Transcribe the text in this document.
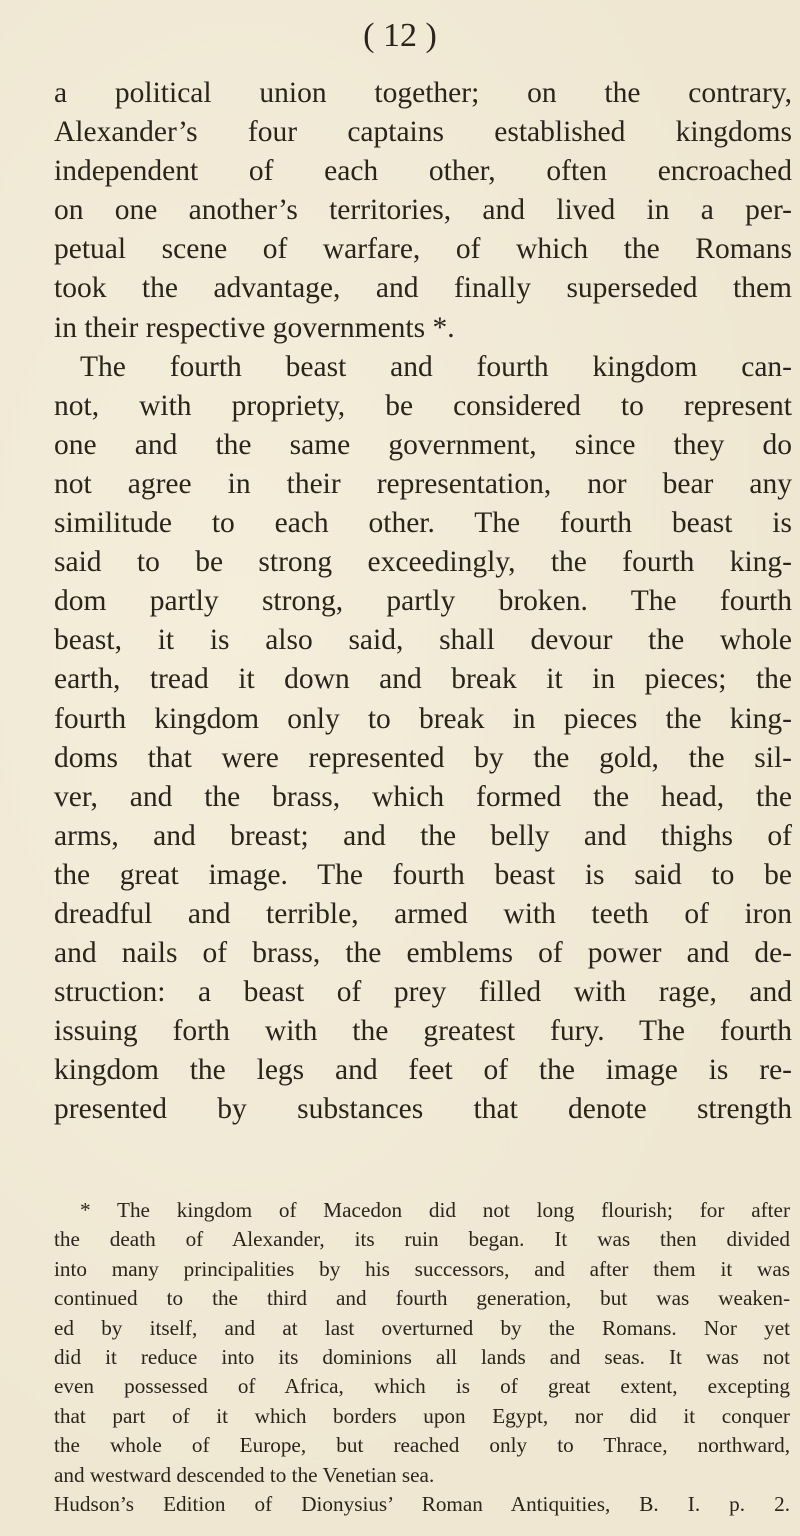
( 12 )
a political union together; on the contrary,
Alexander’s four captains established kingdoms
independent of each other, often encroached
on one another’s territories, and lived in a per-
petual scene of warfare, of which the Romans
took the advantage, and finally superseded them
in their respective governments *.
The fourth beast and fourth kingdom can-
not, with propriety, be considered to represent
one and the same government, since they do
not agree in their representation, nor bear any
similitude to each other. The fourth beast is
said to be strong exceedingly, the fourth king-
dom partly strong, partly broken. The fourth
beast, it is also said, shall devour the whole
earth, tread it down and break it in pieces; the
fourth kingdom only to break in pieces the king-
doms that were represented by the gold, the sil-
ver, and the brass, which formed the head, the
arms, and breast; and the belly and thighs of
the great image. The fourth beast is said to be
dreadful and terrible, armed with teeth of iron
and nails of brass, the emblems of power and de-
struction: a beast of prey filled with rage, and
issuing forth with the greatest fury. The fourth
kingdom the legs and feet of the image is re-
presented by substances that denote strength
* The kingdom of Macedon did not long flourish; for after
the death of Alexander, its ruin began. It was then divided
into many principalities by his successors, and after them it was
continued to the third and fourth generation, but was weaken-
ed by itself, and at last overturned by the Romans. Nor yet
did it reduce into its dominions all lands and seas. It was not
even possessed of Africa, which is of great extent, excepting
that part of it which borders upon Egypt, nor did it conquer
the whole of Europe, but reached only to Thrace, northward,
and westward descended to the Venetian sea.
Hudson’s Edition of Dionysius’ Roman Antiquities, B. I. p. 2.
